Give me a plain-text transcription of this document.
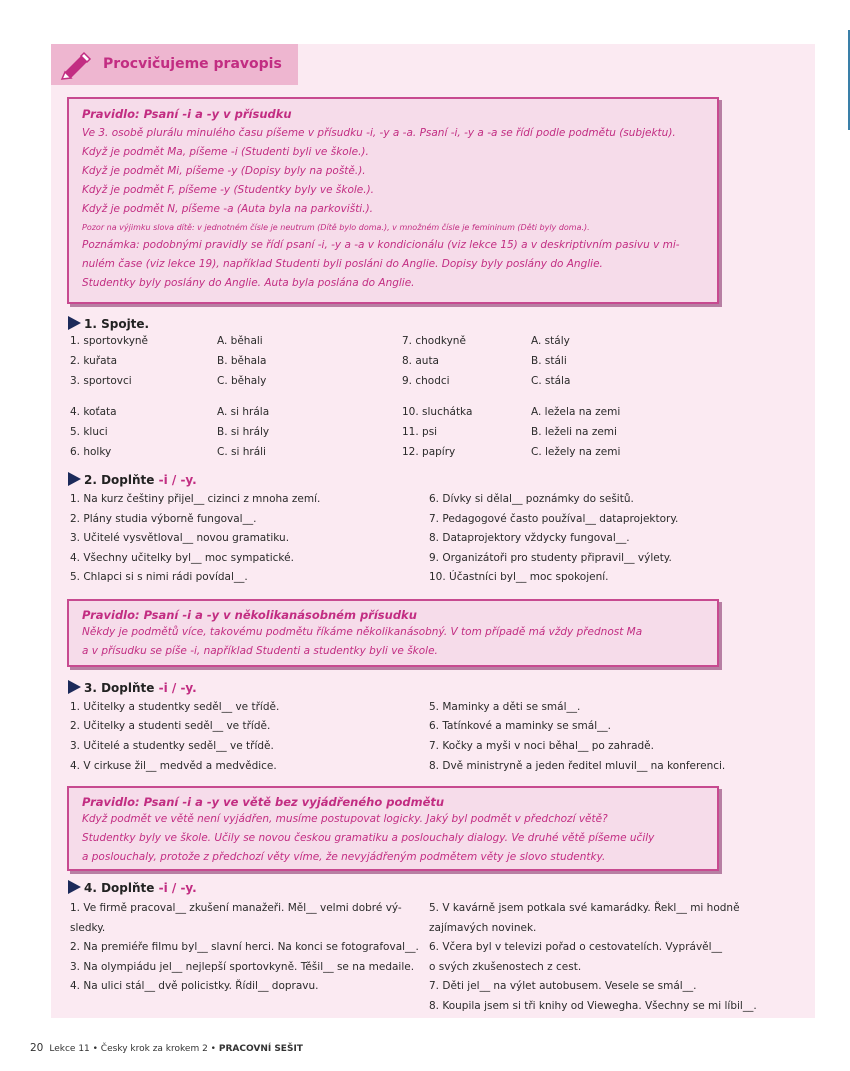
Procvičujeme pravopis
Pravidlo: Psaní -i a -y v přísudku

Ve 3. osobě plurálu minulého času píšeme v přísudku -i, -y a -a. Psaní -i, -y a -a se řídí podle podmětu (subjektu).

Když je podmět Ma, píšeme -i (Studenti byli ve škole.).

Když je podmět Mi, píšeme -y (Dopisy byly na poště.).

Když je podmět F, píšeme -y (Studentky byly ve škole.).

Když je podmět N, píšeme -a (Auta byla na parkovišti.).

Pozor na výjimku slova dítě: v jednotném čísle je neutrum (Dítě bylo doma.), v množném čísle je femininum (Děti byly doma.).

Poznámka: podobnými pravidly se řídí psaní -i, -y a -a v kondicionálu (viz lekce 15) a v deskriptivním pasivu v mi-

nulém čase (viz lekce 19), například Studenti byli posláni do Anglie. Dopisy byly poslány do Anglie.

Studentky byly poslány do Anglie. Auta byla poslána do Anglie.

1. Spojte.
1. sportovkyně
2. kuřata
3. sportovci
4. koťata
5. kluci
6. holky
7. chodkyně
8. auta
9. chodci
10. sluchátka
11. psi
12. papíry
A. běhali
B. běhala
C. běhaly
A. si hrála
B. si hrály
C. si hráli
A. stály
B. stáli
C. stála
A. ležela na zemi
B. leželi na zemi
C. ležely na zemi
2. Doplňte -i / -y.
1. Na kurz češtiny přijel__ cizinci z mnoha zemí.
2. Plány studia výborně fungoval__.
3. Učitelé vysvětloval__ novou gramatiku.
4. Všechny učitelky byl__ moc sympatické.
5. Chlapci si s nimi rádi povídal__.
6. Dívky si dělal__ poznámky do sešitů.
7. Pedagogové často používal__ dataprojektory.
8. Dataprojektory vždycky fungoval__.
9. Organizátoři pro studenty připravil__ výlety.
10. Účastníci byl__ moc spokojení.
Pravidlo: Psaní -i a -y v několikanásobném přísudku

Někdy je podmětů více, takovému podmětu říkáme několikanásobný. V tom případě má vždy přednost Ma

a v přísudku se píše -i, například Studenti a studentky byli ve škole.

3. Doplňte -i / -y.
1. Učitelky a studentky seděl__ ve třídě.
2. Učitelky a studenti seděl__ ve třídě.
3. Učitelé a studentky seděl__ ve třídě.
4. V cirkuse žil__ medvěd a medvědice.
5. Maminky a děti se smál__.
6. Tatínkové a maminky se smál__.
7. Kočky a myši v noci běhal__ po zahradě.
8. Dvě ministryně a jeden ředitel mluvil__ na konferenci.
Pravidlo: Psaní -i a -y ve větě bez vyjádřeného podmětu

Když podmět ve větě není vyjádřen, musíme postupovat logicky. Jaký byl podmět v předchozí větě?

Studentky byly ve škole. Učily se novou českou gramatiku a poslouchaly dialogy. Ve druhé větě píšeme učily

a poslouchaly, protože z předchozí věty víme, že nevyjádřeným podmětem věty je slovo studentky.

4. Doplňte -i / -y.
1. Ve firmě pracoval__ zkušení manažeři. Měl__ velmi dobré vý-
sledky.
2. Na premiéře filmu byl__ slavní herci. Na konci se fotografoval__.
3. Na olympiádu jel__ nejlepší sportovkyně. Těšil__ se na medaile.
4. Na ulici stál__ dvě policistky. Řídil__ dopravu.
5. V kavárně jsem potkala své kamarádky. Řekl__ mi hodně
zajímavých novinek.
6. Včera byl v televizi pořad o cestovatelích. Vyprávěl__
o svých zkušenostech z cest.
7. Děti jel__ na výlet autobusem. Vesele se smál__.
8. Koupila jsem si tři knihy od Viewegha. Všechny se mi líbil__.
20 Lekce 11 • Česky krok za krokem 2 • PRACOVNÍ SEŠIT
